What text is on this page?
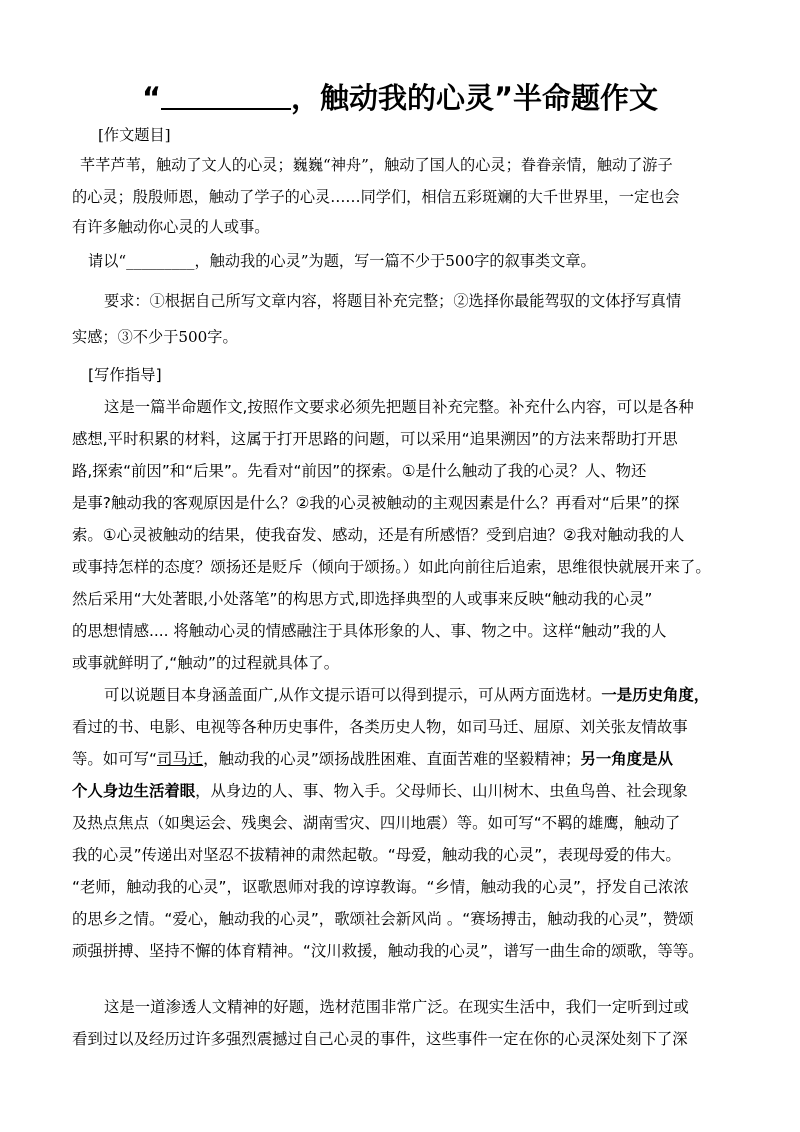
“	，触动我的心灵”半命题作文
[作文题目]
芊芊芦苇，触动了文人的心灵；巍巍“神舟”，触动了国人的心灵；眷眷亲情，触动了游子
的心灵；殷殷师恩，触动了学子的心灵……同学们，相信五彩斑斓的大千世界里，一定也会
有许多触动你心灵的人或事。
请以“_________，触动我的心灵”为题，写一篇不少于500字的叙事类文章。
要求：①根据自己所写文章内容，将题目补充完整；②选择你最能驾驭的文体抒写真情
实感；③不少于500字。
[写作指导]
这是一篇半命题作文,按照作文要求必须先把题目补充完整。补充什么内容，可以是各种
感想,平时积累的材料，这属于打开思路的问题，可以采用“追果溯因”的方法来帮助打开思
路,探索“前因”和“后果”。先看对“前因”的探索。①是什么触动了我的心灵？人、物还
是事?触动我的客观原因是什么？②我的心灵被触动的主观因素是什么？再看对“后果”的探
索。①心灵被触动的结果，使我奋发、感动，还是有所感悟？受到启迪？②我对触动我的人
或事持怎样的态度？颂扬还是贬斥（倾向于颂扬。）如此向前往后追索，思维很快就展开来了。
然后采用“大处著眼,小处落笔”的构思方式,即选择典型的人或事来反映“触动我的心灵”
的思想情感.... 将触动心灵的情感融注于具体形象的人、事、物之中。这样“触动”我的人
或事就鲜明了,“触动”的过程就具体了。
可以说题目本身涵盖面广,从作文提示语可以得到提示，可从两方面选材。一是历史角度，
看过的书、电影、电视等各种历史事件，各类历史人物，如司马迁、屈原、刘关张友情故事
等。如可写“司马迁，触动我的心灵”颂扬战胜困难、直面苦难的坚毅精神；另一角度是从
个人身边生活着眼，从身边的人、事、物入手。父母师长、山川树木、虫鱼鸟兽、社会现象
及热点焦点（如奥运会、残奥会、湖南雪灾、四川地震）等。如可写“不羁的雄鹰，触动了
我的心灵”传递出对坚忍不拔精神的肃然起敬。“母爱，触动我的心灵”，表现母爱的伟大。
“老师，触动我的心灵”，讴歌恩师对我的谆谆教诲。“乡情，触动我的心灵”，抒发自己浓浓
的思乡之情。“爱心，触动我的心灵”，歌颂社会新风尚 。“赛场搏击，触动我的心灵”，赞颂
顽强拼搏、坚持不懈的体育精神。“汶川救援，触动我的心灵”，谱写一曲生命的颂歌，等等。
这是一道渗透人文精神的好题，选材范围非常广泛。在现实生活中，我们一定听到过或
看到过以及经历过许多强烈震撼过自己心灵的事件，这些事件一定在你的心灵深处刻下了深
